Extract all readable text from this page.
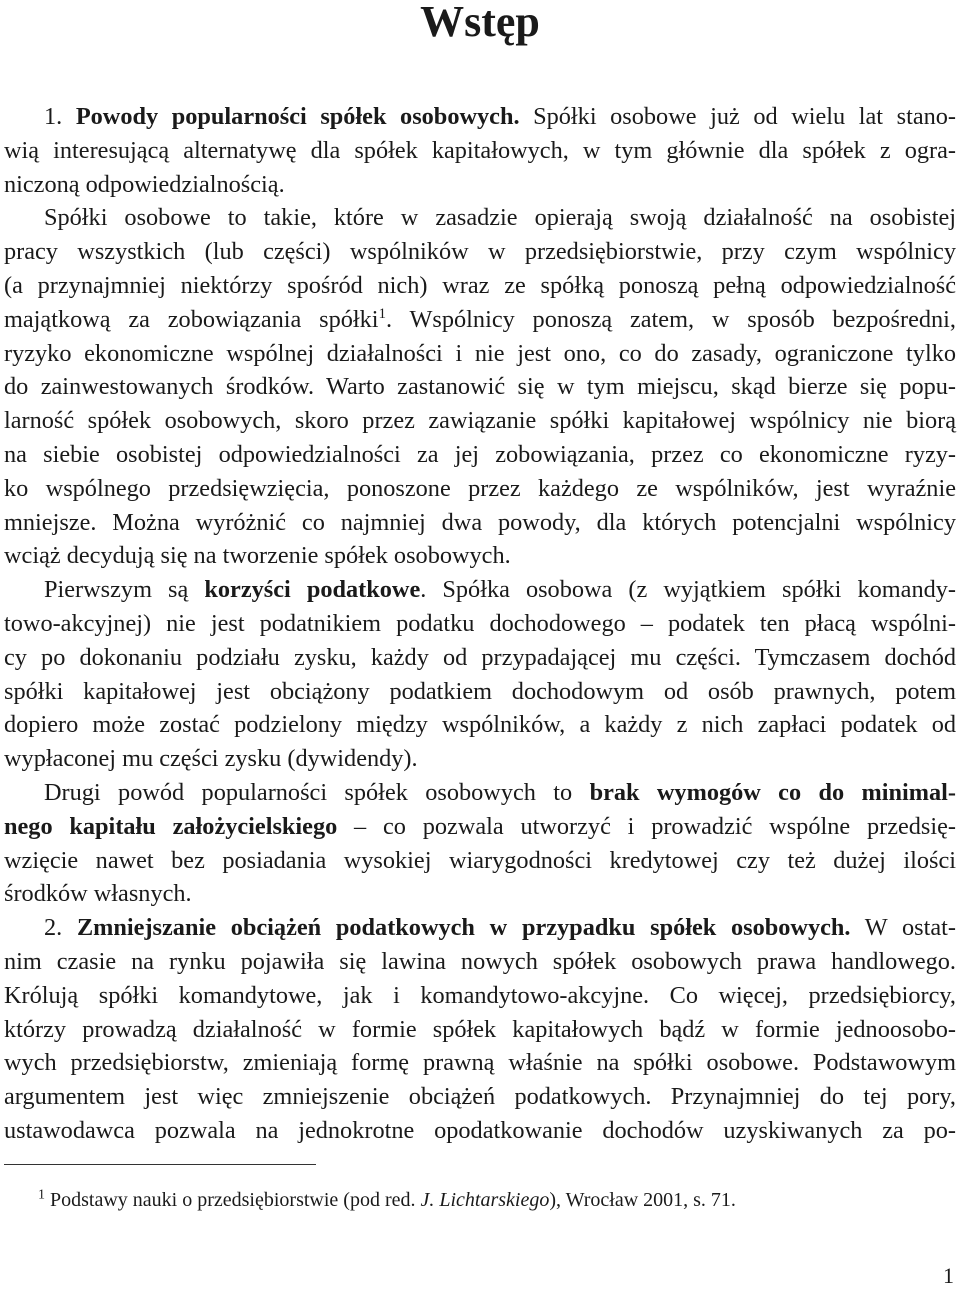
Wstęp
1. Powody popularności spółek osobowych. Spółki osobowe już od wielu lat stano-
wią interesującą alternatywę dla spółek kapitałowych, w tym głównie dla spółek z ogra-
niczoną odpowiedzialnością.
Spółki osobowe to takie, które w zasadzie opierają swoją działalność na osobistej
pracy wszystkich (lub części) wspólników w przedsiębiorstwie, przy czym wspólnicy
(a przynajmniej niektórzy spośród nich) wraz ze spółką ponoszą pełną odpowiedzialność
majątkową za zobowiązania spółki$^1$. Wspólnicy ponoszą zatem, w sposób bezpośredni,
ryzyko ekonomiczne wspólnej działalności i nie jest ono, co do zasady, ograniczone tylko
do zainwestowanych środków. Warto zastanowić się w tym miejscu, skąd bierze się popu-
larność spółek osobowych, skoro przez zawiązanie spółki kapitałowej wspólnicy nie biorą
na siebie osobistej odpowiedzialności za jej zobowiązania, przez co ekonomiczne ryzy-
ko wspólnego przedsięwzięcia, ponoszone przez każdego ze wspólników, jest wyraźnie
mniejsze. Można wyróżnić co najmniej dwa powody, dla których potencjalni wspólnicy
wciąż decydują się na tworzenie spółek osobowych.
Pierwszym są korzyści podatkowe. Spółka osobowa (z wyjątkiem spółki komandy-
towo-akcyjnej) nie jest podatnikiem podatku dochodowego – podatek ten płacą wspólni-
cy po dokonaniu podziału zysku, każdy od przypadającej mu części. Tymczasem dochód
spółki kapitałowej jest obciążony podatkiem dochodowym od osób prawnych, potem
dopiero może zostać podzielony między wspólników, a każdy z nich zapłaci podatek od
wypłaconej mu części zysku (dywidendy).
Drugi powód popularności spółek osobowych to brak wymogów co do minimal-
nego kapitału założycielskiego – co pozwala utworzyć i prowadzić wspólne przedsię-
wzięcie nawet bez posiadania wysokiej wiarygodności kredytowej czy też dużej ilości
środków własnych.
2. Zmniejszanie obciążeń podatkowych w przypadku spółek osobowych. W ostat-
nim czasie na rynku pojawiła się lawina nowych spółek osobowych prawa handlowego.
Królują spółki komandytowe, jak i komandytowo-akcyjne. Co więcej, przedsiębiorcy,
którzy prowadzą działalność w formie spółek kapitałowych bądź w formie jednoosobo-
wych przedsiębiorstw, zmieniają formę prawną właśnie na spółki osobowe. Podstawowym
argumentem jest więc zmniejszenie obciążeń podatkowych. Przynajmniej do tej pory,
ustawodawca pozwala na jednokrotne opodatkowanie dochodów uzyskiwanych za po-
$^1$ Podstawy nauki o przedsiębiorstwie (pod red. J. Lichtarskiego), Wrocław 2001, s. 71.
1
